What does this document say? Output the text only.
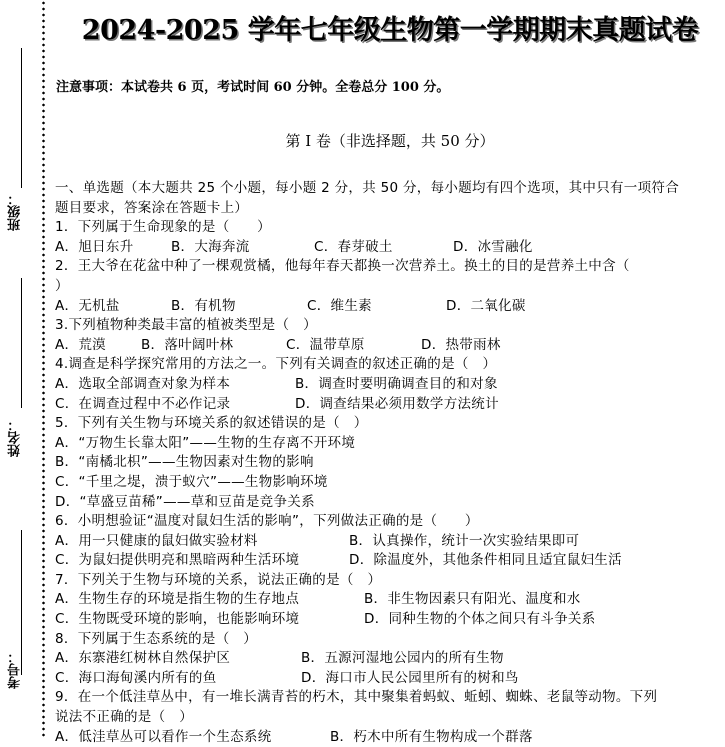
班级：
姓名：
考号：
2024-2025 学年七年级生物第一学期期末真题试卷
注意事项：本试卷共 6 页，考试时间 60 分钟。全卷总分 100 分。
第 I 卷（非选择题，共 50 分）
一、单选题（本大题共 25 个小题，每小题 2 分，共 50 分，每小题均有四个选项，其中只有一项符合
题目要求，答案涂在答题卡上）
1．下列属于生命现象的是（　　）
A．旭日东升	B．大海奔流	C．春芽破土	D．冰雪融化
2．王大爷在花盆中种了一棵观赏橘，他每年春天都换一次营养土。换土的目的是营养土中含（
）
A．无机盐	B．有机物	C．维生素	D．二氧化碳
3.下列植物种类最丰富的植被类型是（　）
A．荒漠	B．落叶阔叶林	C．温带草原	D．热带雨林
4.调查是科学探究常用的方法之一。下列有关调查的叙述正确的是（　）
A．选取全部调查对象为样本	B．调查时要明确调查目的和对象
C．在调查过程中不必作记录	D．调查结果必须用数学方法统计
5．下列有关生物与环境关系的叙述错误的是（　）
A．“万物生长靠太阳”——生物的生存离不开环境
B．“南橘北枳”——生物因素对生物的影响
C．“千里之堤，溃于蚁穴”——生物影响环境
D．“草盛豆苗稀”——草和豆苗是竞争关系
6．小明想验证“温度对鼠妇生活的影响”，下列做法正确的是（　　）
A．用一只健康的鼠妇做实验材料	B．认真操作，统计一次实验结果即可
C．为鼠妇提供明亮和黑暗两种生活环境	D．除温度外，其他条件相同且适宜鼠妇生活
7．下列关于生物与环境的关系，说法正确的是（　）
A．生物生存的环境是指生物的生存地点	B．非生物因素只有阳光、温度和水
C．生物既受环境的影响，也能影响环境	D．同种生物的个体之间只有斗争关系
8．下列属于生态系统的是（　）
A．东寨港红树林自然保护区	B．五源河湿地公园内的所有生物
C．海口海甸溪内所有的鱼	D．海口市人民公园里所有的树和鸟
9．在一个低洼草丛中，有一堆长满青苔的朽木，其中聚集着蚂蚁、蚯蚓、蜘蛛、老鼠等动物。下列
说法不正确的是（　）
A．低洼草丛可以看作一个生态系统	B．朽木中所有生物构成一个群落
